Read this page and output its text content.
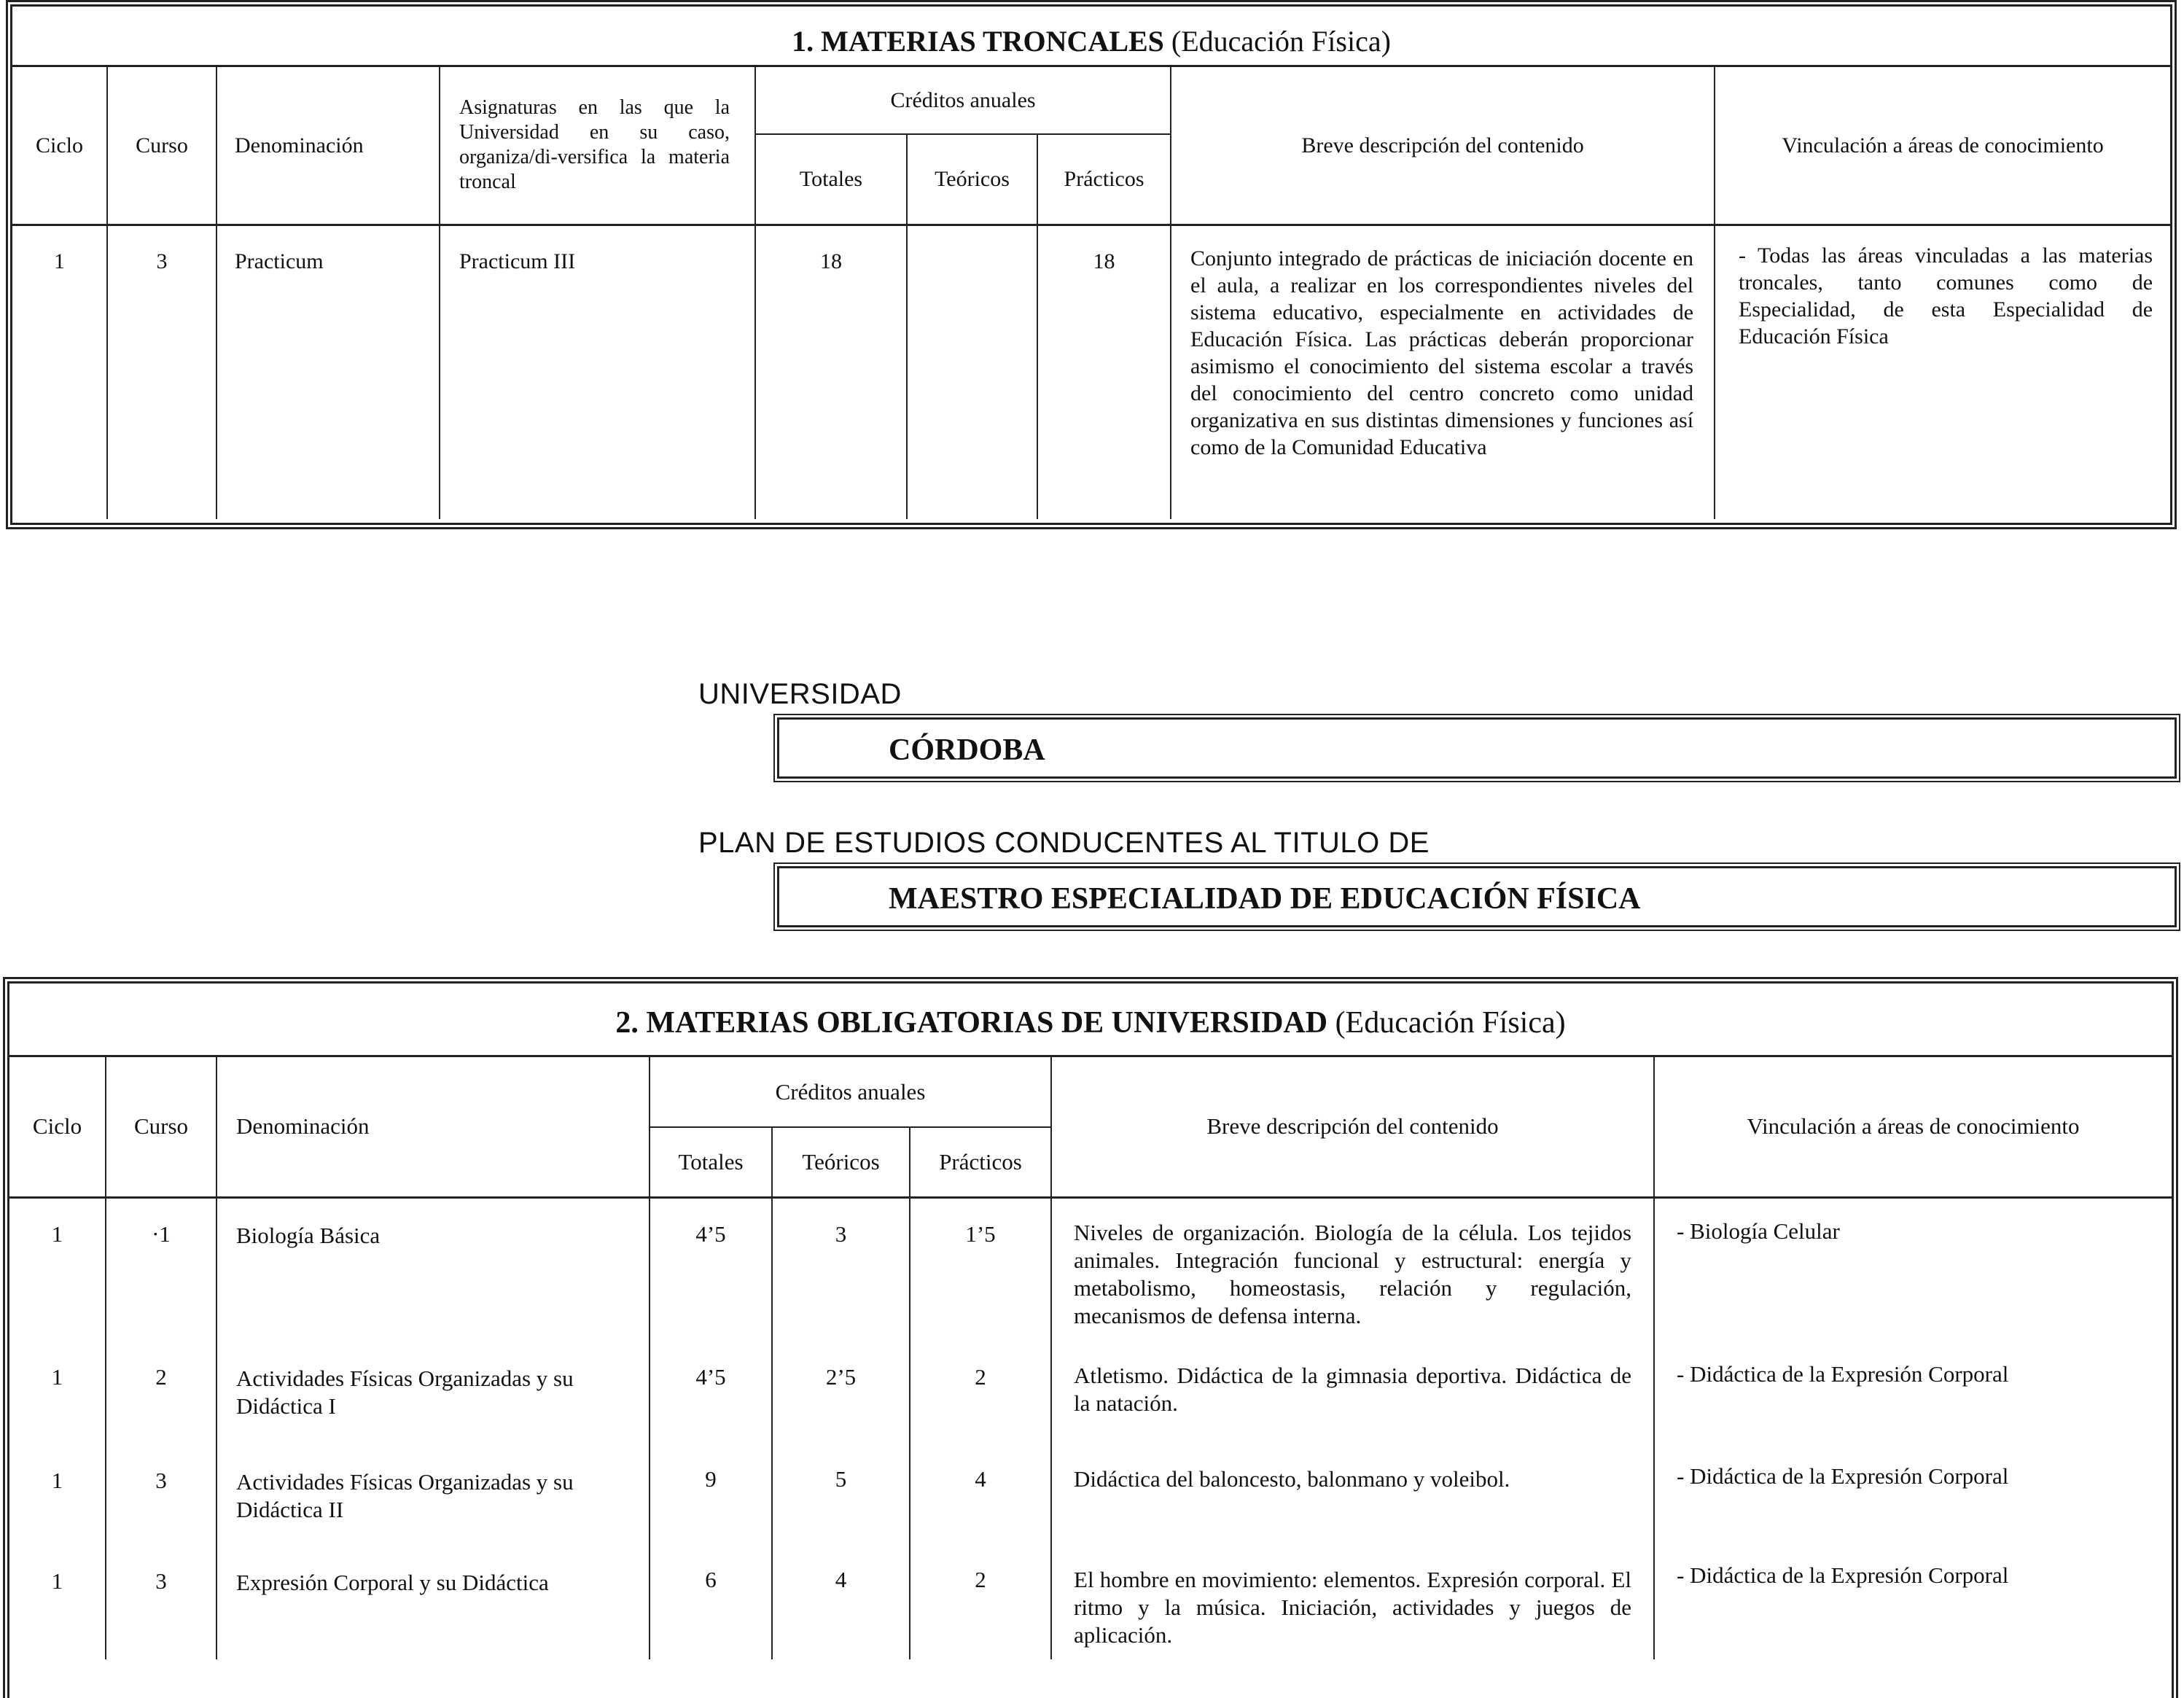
1. MATERIAS TRONCALES (Educación Física)
Ciclo	Curso	Denominación	Asignaturas en las que la Universidad en su caso, organiza/di-versifica la materia troncal	Créditos anuales			Breve descripción del contenido	Vinculación a áreas de conocimiento
				Totales	Teóricos	Prácticos		
1	3	Practicum	Practicum III	18		18	Conjunto integrado de prácticas de iniciación docente en el aula, a realizar en los correspondientes niveles del sistema educativo, especialmente en actividades de Educación Física. Las prácticas deberán proporcionar asimismo el conocimiento del sistema escolar a través del conocimiento del centro concreto como unidad organizativa en sus distintas dimensiones y funciones así como de la Comunidad Educativa	- Todas las áreas vinculadas a las materias troncales, tanto comunes como de Especialidad, de esta Especialidad de Educación Física
UNIVERSIDAD
CÓRDOBA
PLAN DE ESTUDIOS CONDUCENTES AL TITULO DE
MAESTRO ESPECIALIDAD DE EDUCACIÓN FÍSICA
2. MATERIAS OBLIGATORIAS DE UNIVERSIDAD (Educación Física)
Ciclo	Curso	Denominación	Créditos anuales			Breve descripción del contenido	Vinculación a áreas de conocimiento
			Totales	Teóricos	Prácticos		
1	·1	Biología Básica	4’5	3	1’5	Niveles de organización. Biología de la célula. Los tejidos animales. Integración funcional y estructural: energía y metabolismo, homeostasis, relación y regulación, mecanismos de defensa interna.	- Biología Celular
1	2	Actividades Físicas Organizadas y su Didáctica I	4’5	2’5	2	Atletismo. Didáctica de la gimnasia deportiva. Didáctica de la natación.	- Didáctica de la Expresión Corporal
1	3	Actividades Físicas Organizadas y su Didáctica II	9	5	4	Didáctica del baloncesto, balonmano y voleibol.	- Didáctica de la Expresión Corporal
1	3	Expresión Corporal y su Didáctica	6	4	2	El hombre en movimiento: elementos. Expresión corporal. El ritmo y la música. Iniciación, actividades y juegos de aplicación.	- Didáctica de la Expresión Corporal
